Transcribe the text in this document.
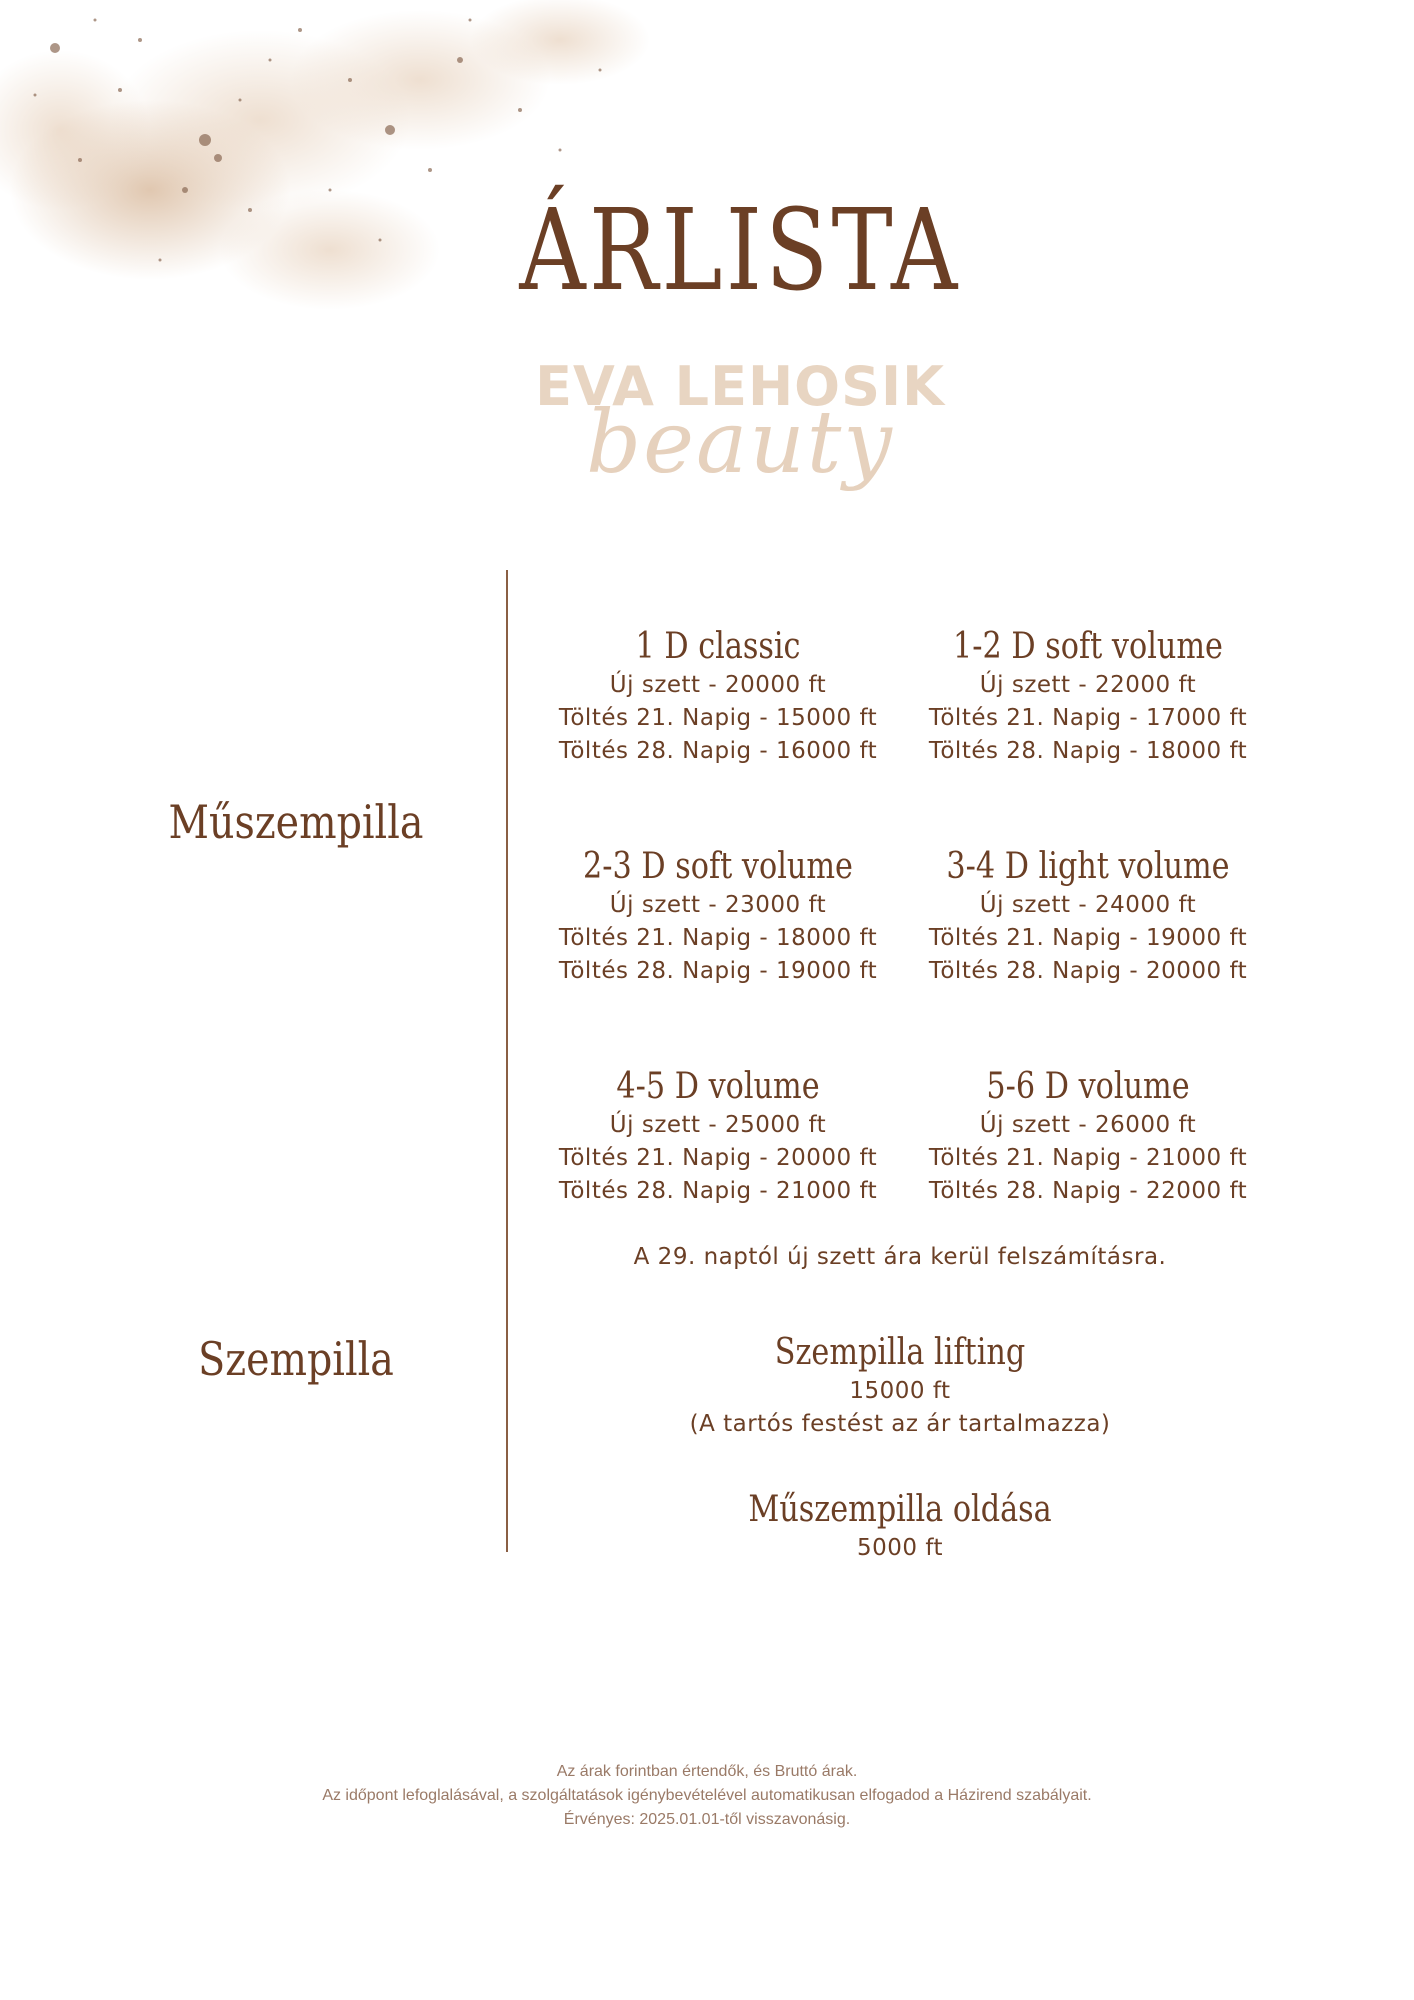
ÁRLISTA
EVA LEHOSIK
beauty
Műszempilla
Szempilla
1 D classic
Új szett - 20000 ft
Töltés 21. Napig - 15000 ft
Töltés 28. Napig - 16000 ft
1-2 D soft volume
Új szett - 22000 ft
Töltés 21. Napig - 17000 ft
Töltés 28. Napig - 18000 ft
2-3 D soft volume
Új szett - 23000 ft
Töltés 21. Napig - 18000 ft
Töltés 28. Napig - 19000 ft
3-4 D light volume
Új szett - 24000 ft
Töltés 21. Napig - 19000 ft
Töltés 28. Napig - 20000 ft
4-5 D volume
Új szett - 25000 ft
Töltés 21. Napig - 20000 ft
Töltés 28. Napig - 21000 ft
5-6 D volume
Új szett - 26000 ft
Töltés 21. Napig - 21000 ft
Töltés 28. Napig - 22000 ft
A 29. naptól új szett ára kerül felszámításra.
Szempilla lifting
15000 ft
(A tartós festést az ár tartalmazza)
Műszempilla oldása
5000 ft
Az árak forintban értendők, és Bruttó árak.
Az időpont lefoglalásával, a szolgáltatások igénybevételével automatikusan elfogadod a Házirend szabályait.
Érvényes: 2025.01.01-től visszavonásig.
